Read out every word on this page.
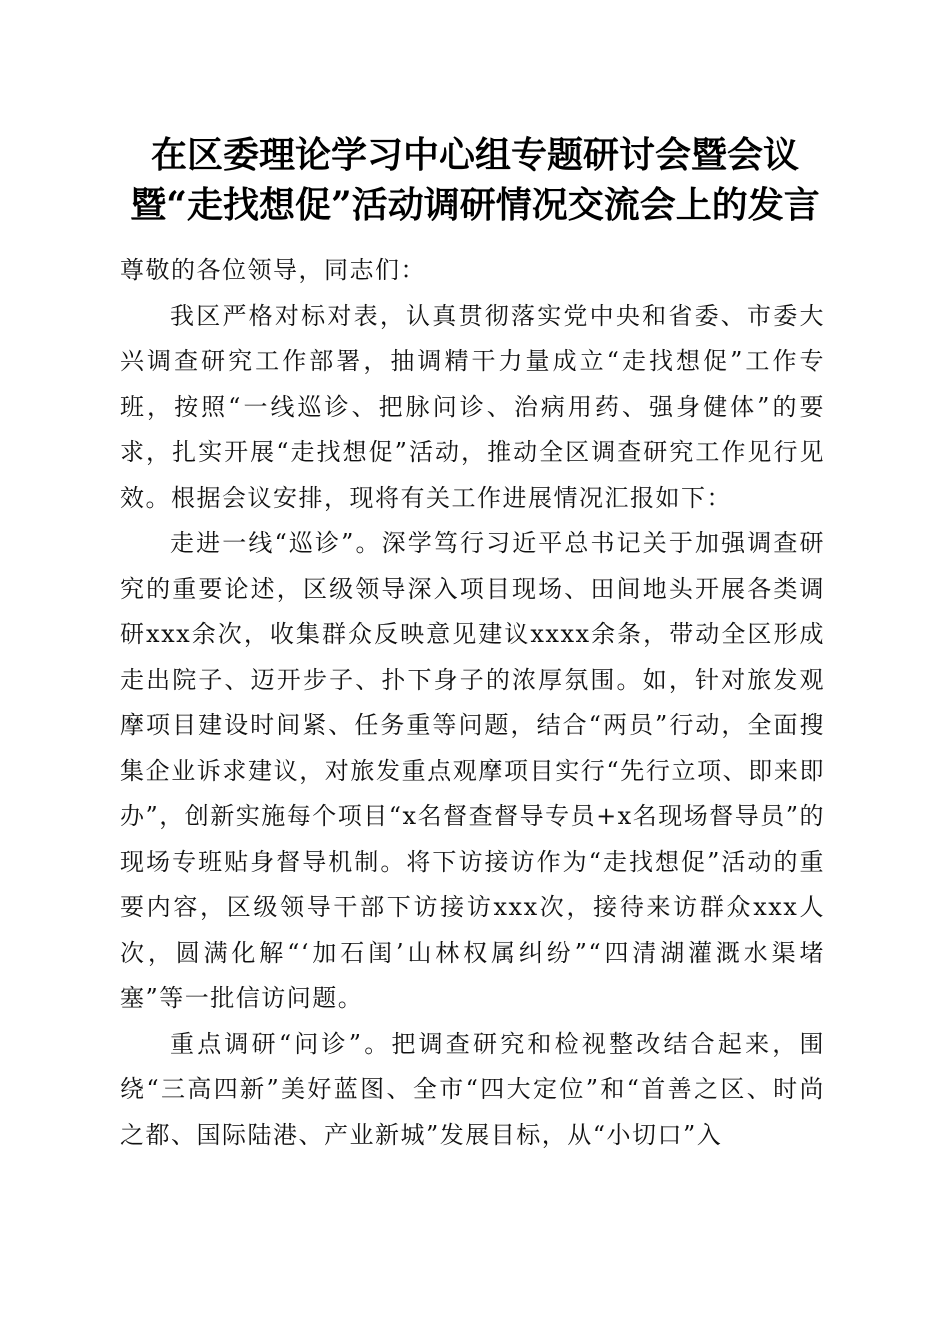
在区委理论学习中心组专题研讨会暨会议
暨“走找想促”活动调研情况交流会上的发言

尊敬的各位领导，同志们：

我区严格对标对表，认真贯彻落实党中央和省委、市委大兴调查研究工作部署，抽调精干力量成立“走找想促”工作专班，按照“一线巡诊、把脉问诊、治病用药、强身健体”的要求，扎实开展“走找想促”活动，推动全区调查研究工作见行见效。根据会议安排，现将有关工作进展情况汇报如下：

走进一线“巡诊”。深学笃行习近平总书记关于加强调查研究的重要论述，区级领导深入项目现场、田间地头开展各类调研xxx余次，收集群众反映意见建议xxxx余条，带动全区形成走出院子、迈开步子、扑下身子的浓厚氛围。如，针对旅发观摩项目建设时间紧、任务重等问题，结合“两员”行动，全面搜集企业诉求建议，对旅发重点观摩项目实行“先行立项、即来即办”，创新实施每个项目“x名督查督导专员+x名现场督导员”的现场专班贴身督导机制。将下访接访作为“走找想促”活动的重要内容，区级领导干部下访接访xxx次，接待来访群众xxx人次，圆满化解“‘加石闺’山林权属纠纷”“四清湖灌溉水渠堵塞”等一批信访问题。

重点调研“问诊”。把调查研究和检视整改结合起来，围绕“三高四新”美好蓝图、全市“四大定位”和“首善之区、时尚之都、国际陆港、产业新城”发展目标，从“小切口”入
